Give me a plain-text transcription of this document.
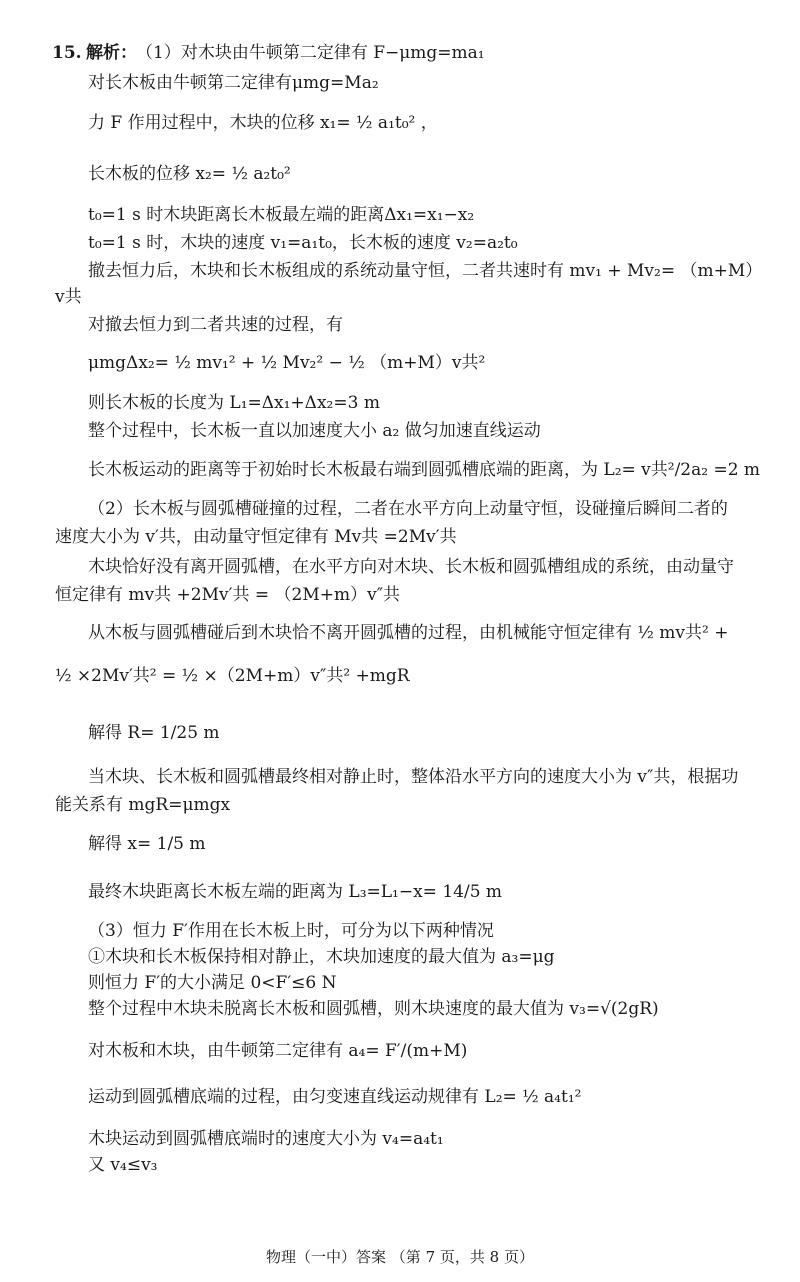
15. 解析： （1）对木块由牛顿第二定律有 F−μmg=ma₁
对长木板由牛顿第二定律有μmg=Ma₂
力 F 作用过程中，木块的位移 x₁= ½ a₁t₀² ，
长木板的位移 x₂= ½ a₂t₀²
t₀=1 s 时木块距离长木板最左端的距离Δx₁=x₁−x₂
t₀=1 s 时，木块的速度 v₁=a₁t₀，长木板的速度 v₂=a₂t₀
撤去恒力后，木块和长木板组成的系统动量守恒，二者共速时有 mv₁ + Mv₂= （m+M）
v共
对撤去恒力到二者共速的过程，有
μmgΔx₂= ½ mv₁² + ½ Mv₂² − ½ （m+M）v共²
则长木板的长度为 L₁=Δx₁+Δx₂=3 m
整个过程中，长木板一直以加速度大小 a₂ 做匀加速直线运动
长木板运动的距离等于初始时长木板最右端到圆弧槽底端的距离，为 L₂= v共²/2a₂ =2 m
（2）长木板与圆弧槽碰撞的过程，二者在水平方向上动量守恒，设碰撞后瞬间二者的
速度大小为 v′共，由动量守恒定律有 Mv共 =2Mv′共
木块恰好没有离开圆弧槽，在水平方向对木块、长木板和圆弧槽组成的系统，由动量守
恒定律有 mv共 +2Mv′共 = （2M+m）v″共
从木板与圆弧槽碰后到木块恰不离开圆弧槽的过程，由机械能守恒定律有 ½ mv共² +
½ ×2Mv′共² = ½ ×（2M+m）v″共² +mgR
解得 R= 1/25 m
当木块、长木板和圆弧槽最终相对静止时，整体沿水平方向的速度大小为 v″共，根据功
能关系有 mgR=μmgx
解得 x= 1/5 m
最终木块距离长木板左端的距离为 L₃=L₁−x= 14/5 m
（3）恒力 F′作用在长木板上时，可分为以下两种情况
①木块和长木板保持相对静止，木块加速度的最大值为 a₃=μg
则恒力 F′的大小满足 0<F′≤6 N
整个过程中木块未脱离长木板和圆弧槽，则木块速度的最大值为 v₃=√(2gR)
对木板和木块，由牛顿第二定律有 a₄= F′/(m+M)
运动到圆弧槽底端的过程，由匀变速直线运动规律有 L₂= ½ a₄t₁²
木块运动到圆弧槽底端时的速度大小为 v₄=a₄t₁
又 v₄≤v₃
物理（一中）答案 （第 7 页，共 8 页）
